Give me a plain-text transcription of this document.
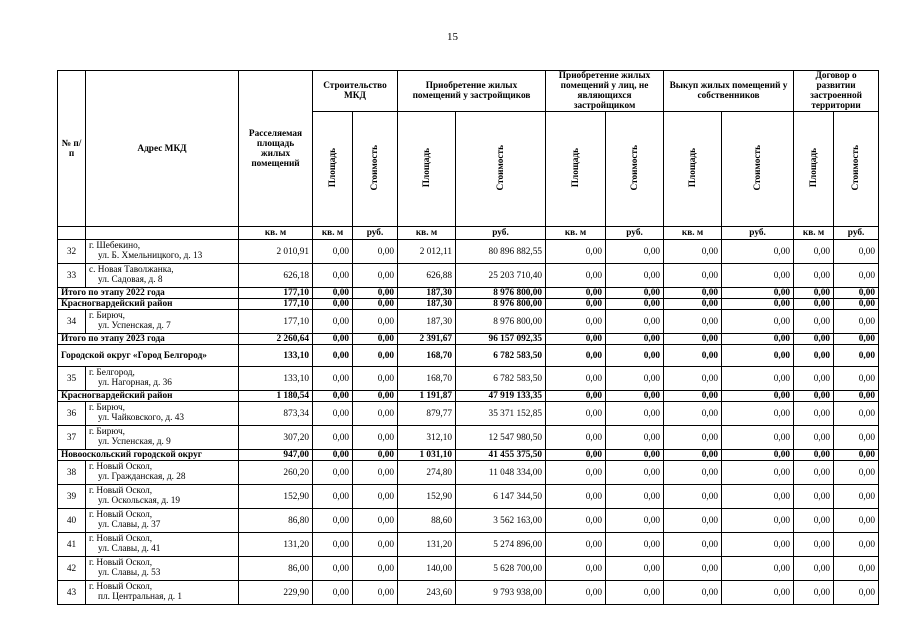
15
№ п/п	Адрес МКД	Расселяемая площадь жилых помещений	Строительство МКД		Приобретение жилых помещений у застройщиков		Приобретение жилых помещений у лиц, не являющихся застройщиком		Выкуп жилых помещений у собственников		Договор о развитии застроенной территории	
			Площадь	Стоимость	Площадь	Стоимость	Площадь	Стоимость	Площадь	Стоимость	Площадь	Стоимость
		кв. м	кв. м	руб.	кв. м	руб.	кв. м	руб.	кв. м	руб.	кв. м	руб.
32	г. Шебекино,
ул. Б. Хмельницкого, д. 13	2 010,91	0,00	0,00	2 012,11	80 896 882,55	0,00	0,00	0,00	0,00	0,00	0,00
33	с. Новая Таволжанка,
ул. Садовая, д. 8	626,18	0,00	0,00	626,88	25 203 710,40	0,00	0,00	0,00	0,00	0,00	0,00
Итого по этапу 2022 года		177,10	0,00	0,00	187,30	8 976 800,00	0,00	0,00	0,00	0,00	0,00	0,00
Красногвардейский район		177,10	0,00	0,00	187,30	8 976 800,00	0,00	0,00	0,00	0,00	0,00	0,00
34	г. Бирюч,
ул. Успенская, д. 7	177,10	0,00	0,00	187,30	8 976 800,00	0,00	0,00	0,00	0,00	0,00	0,00
Итого по этапу 2023 года		2 260,64	0,00	0,00	2 391,67	96 157 092,35	0,00	0,00	0,00	0,00	0,00	0,00
Городской округ «Город Белгород»		133,10	0,00	0,00	168,70	6 782 583,50	0,00	0,00	0,00	0,00	0,00	0,00
35	г. Белгород,
ул. Нагорная, д. 36	133,10	0,00	0,00	168,70	6 782 583,50	0,00	0,00	0,00	0,00	0,00	0,00
Красногвардейский район		1 180,54	0,00	0,00	1 191,87	47 919 133,35	0,00	0,00	0,00	0,00	0,00	0,00
36	г. Бирюч,
ул. Чайковского, д. 43	873,34	0,00	0,00	879,77	35 371 152,85	0,00	0,00	0,00	0,00	0,00	0,00
37	г. Бирюч,
ул. Успенская, д. 9	307,20	0,00	0,00	312,10	12 547 980,50	0,00	0,00	0,00	0,00	0,00	0,00
Новооскольский городской округ		947,00	0,00	0,00	1 031,10	41 455 375,50	0,00	0,00	0,00	0,00	0,00	0,00
38	г. Новый Оскол,
ул. Гражданская, д. 28	260,20	0,00	0,00	274,80	11 048 334,00	0,00	0,00	0,00	0,00	0,00	0,00
39	г. Новый Оскол,
ул. Оскольская, д. 19	152,90	0,00	0,00	152,90	6 147 344,50	0,00	0,00	0,00	0,00	0,00	0,00
40	г. Новый Оскол,
ул. Славы, д. 37	86,80	0,00	0,00	88,60	3 562 163,00	0,00	0,00	0,00	0,00	0,00	0,00
41	г. Новый Оскол,
ул. Славы, д. 41	131,20	0,00	0,00	131,20	5 274 896,00	0,00	0,00	0,00	0,00	0,00	0,00
42	г. Новый Оскол,
ул. Славы, д. 53	86,00	0,00	0,00	140,00	5 628 700,00	0,00	0,00	0,00	0,00	0,00	0,00
43	г. Новый Оскол,
пл. Центральная, д. 1	229,90	0,00	0,00	243,60	9 793 938,00	0,00	0,00	0,00	0,00	0,00	0,00
